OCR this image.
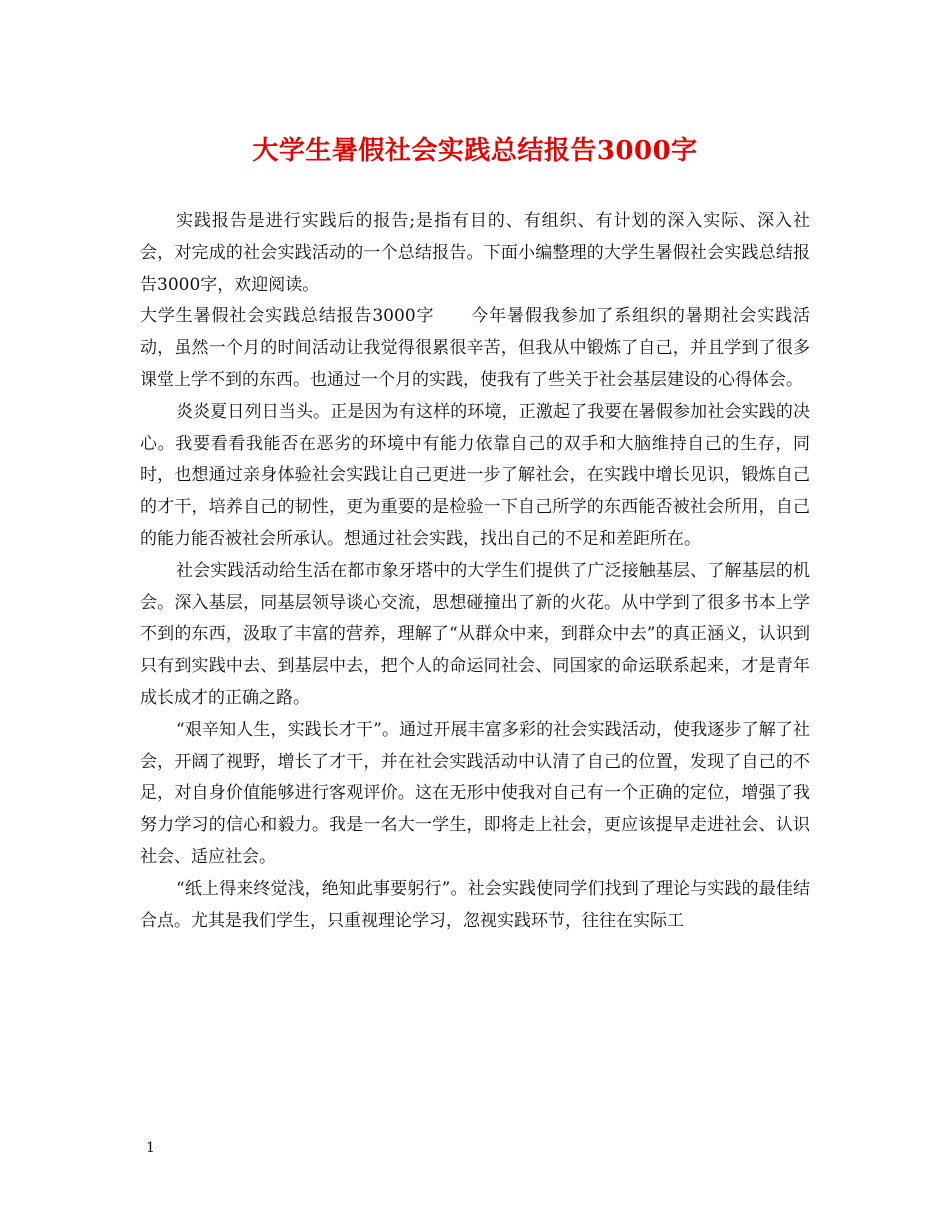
大学生暑假社会实践总结报告3000字

实践报告是进行实践后的报告;是指有目的、有组织、有计划的深入实际、深入社会，对完成的社会实践活动的一个总结报告。下面小编整理的大学生暑假社会实践总结报告3000字，欢迎阅读。

大学生暑假社会实践总结报告3000字 今年暑假我参加了系组织的暑期社会实践活动，虽然一个月的时间活动让我觉得很累很辛苦，但我从中锻炼了自己，并且学到了很多课堂上学不到的东西。也通过一个月的实践，使我有了些关于社会基层建设的心得体会。

炎炎夏日列日当头。正是因为有这样的环境，正激起了我要在暑假参加社会实践的决心。我要看看我能否在恶劣的环境中有能力依靠自己的双手和大脑维持自己的生存，同时，也想通过亲身体验社会实践让自己更进一步了解社会，在实践中增长见识，锻炼自己的才干，培养自己的韧性，更为重要的是检验一下自己所学的东西能否被社会所用，自己的能力能否被社会所承认。想通过社会实践，找出自己的不足和差距所在。

社会实践活动给生活在都市象牙塔中的大学生们提供了广泛接触基层、了解基层的机会。深入基层，同基层领导谈心交流，思想碰撞出了新的火花。从中学到了很多书本上学不到的东西，汲取了丰富的营养，理解了“从群众中来，到群众中去”的真正涵义，认识到只有到实践中去、到基层中去，把个人的命运同社会、同国家的命运联系起来，才是青年成长成才的正确之路。

“艰辛知人生，实践长才干”。通过开展丰富多彩的社会实践活动，使我逐步了解了社会，开阔了视野，增长了才干，并在社会实践活动中认清了自己的位置，发现了自己的不足，对自身价值能够进行客观评价。这在无形中使我对自己有一个正确的定位，增强了我努力学习的信心和毅力。我是一名大一学生，即将走上社会，更应该提早走进社会、认识社会、适应社会。

“纸上得来终觉浅，绝知此事要躬行”。社会实践使同学们找到了理论与实践的最佳结合点。尤其是我们学生，只重视理论学习，忽视实践环节，往往在实际工

1
